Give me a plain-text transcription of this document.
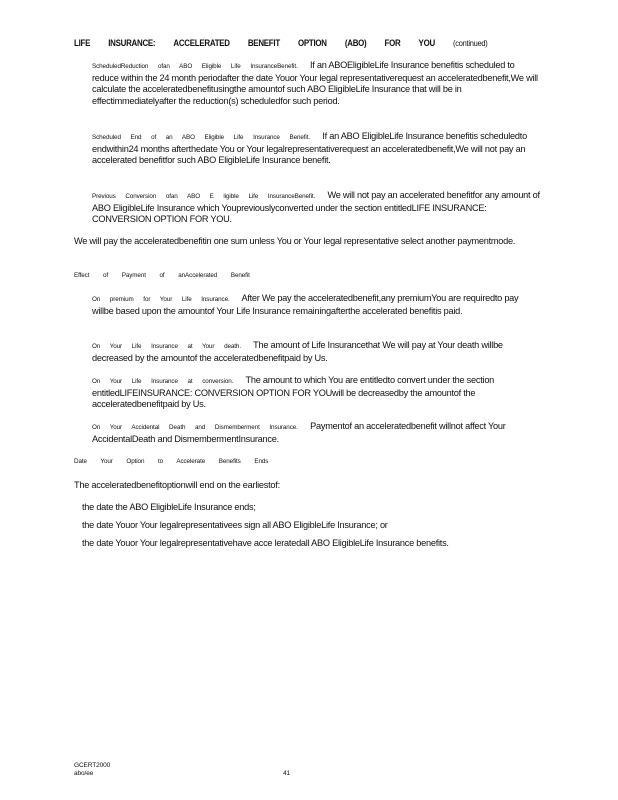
LIFE INSURANCE: ACCELERATED BENEFIT OPTION (ABO) FOR YOU (continued)
ScheduledReduction ofan ABO Eligible Life InsuranceBenefit. If an ABOEligibleLife Insurance benefitis scheduled to reduce within the 24 month periodafter the date Youor Your legal representativerequest an acceleratedbenefit,We will calculate the acceleratedbenefitusingthe amountof such ABO EligibleLife Insurance that will be in effectimmediatelyafter the reduction(s) scheduledfor such period.
Scheduled End of an ABO Eligible Life Insurance Benefit. If an ABO EligibleLife Insurance benefitis scheduledto endwithin24 months afterthedate You or Your legalrepresentativerequest an acceleratedbenefit,We will not pay an accelerated benefitfor such ABO EligibleLife Insurance benefit.
Previous Conversion ofan ABO E ligible Life InsuranceBenefit. We will not pay an accelerated benefitfor any amount of ABO EligibleLife Insurance which Youpreviouslyconverted under the section entitledLIFE INSURANCE: CONVERSION OPTION FOR YOU.
We will pay the acceleratedbenefitin one sum unless You or Your legal representative select another paymentmode.
Effect of Payment of anAccelerated Benefit
On premium for Your Life Insurance. After We pay the acceleratedbenefit,any premiumYou are requiredto pay willbe based upon the amountof Your Life Insurance remainingafterthe accelerated benefitis paid.
On Your Life Insurance at Your death. The amount of Life Insurancethat We will pay at Your death willbe decreased by the amountof the acceleratedbenefitpaid by Us.
On Your Life Insurance at conversion. The amount to which You are entitledto convert under the section entitledLIFEINSURANCE: CONVERSION OPTION FOR YOUwill be decreasedby the amountof the acceleratedbenefitpaid by Us.
On Your Accidental Death and Dismemberment Insurance. Paymentof an acceleratedbenefit willnot affect Your AccidentalDeath and DismembermentInsurance.
Date Your Option to Accelerate Benefits Ends
The acceleratedbenefitoptionwill end on the earliestof:
the date the ABO EligibleLife Insurance ends;
the date Youor Your legalrepresentativees sign all ABO EligibleLife Insurance; or
the date Youor Your legalrepresentativehave acce leratedall ABO EligibleLife Insurance benefits.
GCERT2000
abo/ee	41
